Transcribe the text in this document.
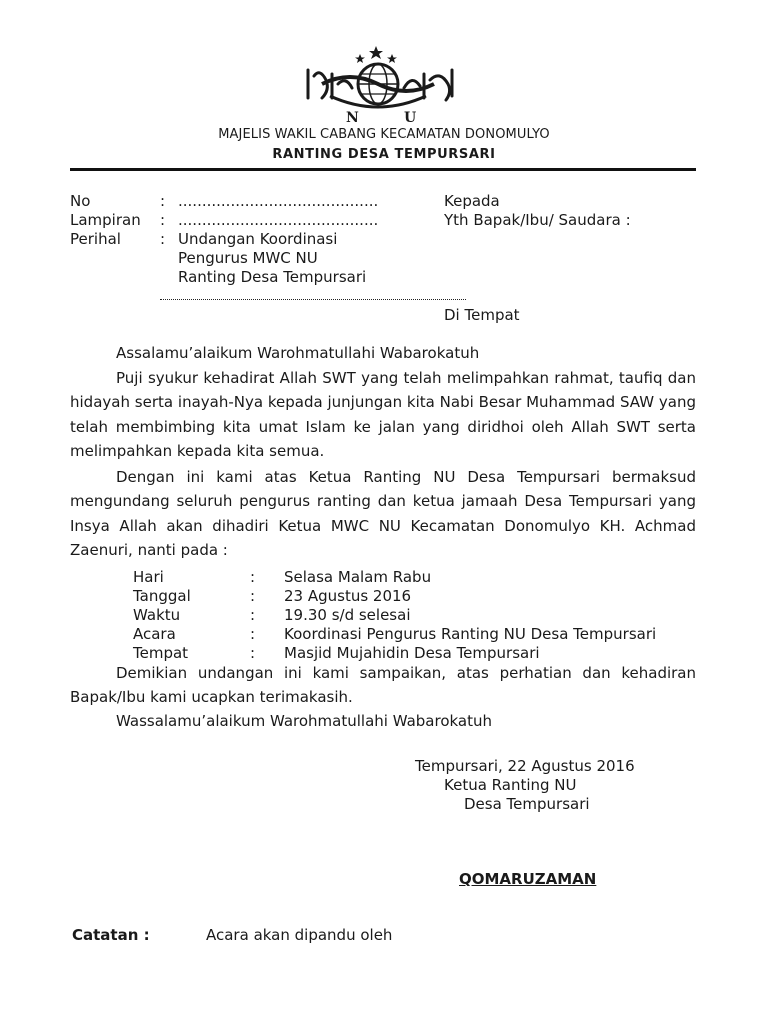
N	U

MAJELIS WAKIL CABANG KECAMATAN DONOMULYO

RANTING DESA TEMPURSARI

No	: ..........................................
Lampiran : ..........................................
Perihal	: Undangan Koordinasi
Pengurus MWC NU
Ranting Desa Tempursari
Kepada
Yth Bapak/Ibu/ Saudara :
Di Tempat
Assalamu’alaikum Warohmatullahi Wabarokatuh

Puji syukur kehadirat Allah SWT yang telah melimpahkan rahmat, taufiq dan hidayah serta inayah-Nya kepada junjungan kita Nabi Besar Muhammad SAW yang telah membimbing kita umat Islam ke jalan yang diridhoi oleh Allah SWT serta melimpahkan kepada kita semua.

Dengan ini kami atas Ketua Ranting NU Desa Tempursari bermaksud mengundang seluruh pengurus ranting dan ketua jamaah Desa Tempursari yang Insya Allah akan dihadiri Ketua MWC NU Kecamatan Donomulyo KH. Achmad Zaenuri, nanti pada :

Hari	: Selasa Malam Rabu
Tanggal	: 23 Agustus 2016
Waktu	: 19.30 s/d selesai
Acara	: Koordinasi Pengurus Ranting NU Desa Tempursari
Tempat	: Masjid Mujahidin Desa Tempursari

Demikian undangan ini kami sampaikan, atas perhatian dan kehadiran Bapak/Ibu kami ucapkan terimakasih.

Wassalamu’alaikum Warohmatullahi Wabarokatuh
Tempursari, 22 Agustus 2016
Ketua Ranting NU
Desa Tempursari
QOMARUZAMAN
Catatan :	Acara akan dipandu oleh
